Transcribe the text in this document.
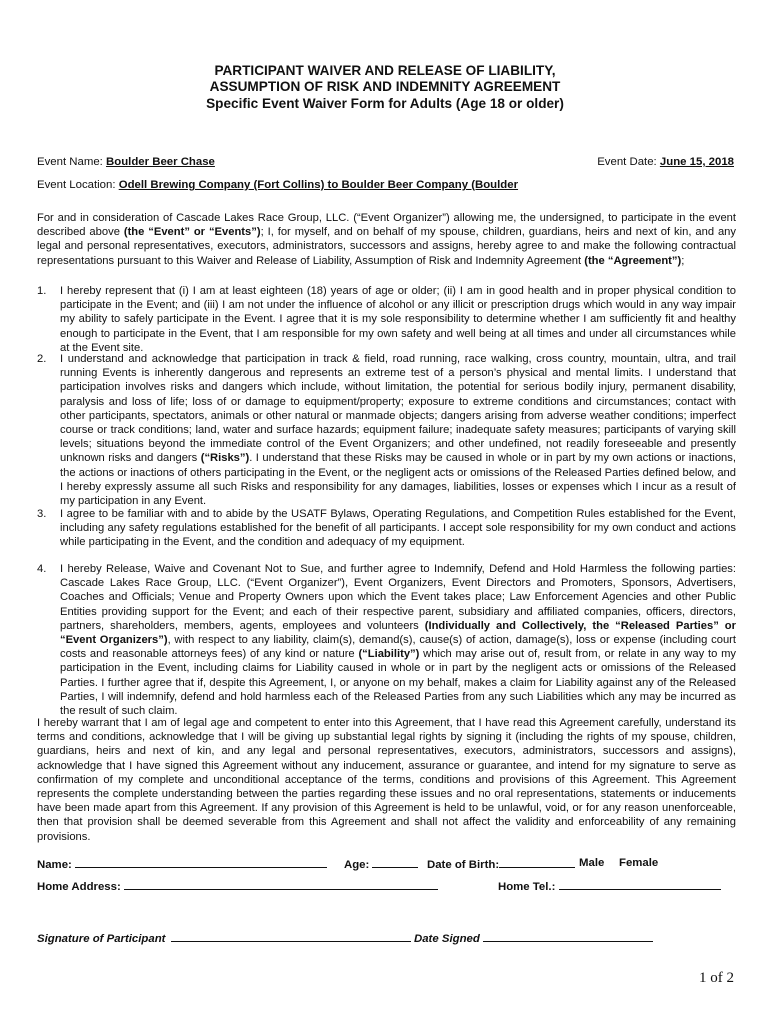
PARTICIPANT WAIVER AND RELEASE OF LIABILITY,
ASSUMPTION OF RISK AND INDEMNITY AGREEMENT
Specific Event Waiver Form for Adults (Age 18 or older)
Event Name: Boulder Beer Chase	Event Date: June 15, 2018
Event Location: Odell Brewing Company (Fort Collins) to Boulder Beer Company (Boulder
For and in consideration of Cascade Lakes Race Group, LLC. (“Event Organizer”) allowing me, the undersigned, to participate in the event described above (the “Event” or “Events”); I, for myself, and on behalf of my spouse, children, guardians, heirs and next of kin, and any legal and personal representatives, executors, administrators, successors and assigns, hereby agree to and make the following contractual representations pursuant to this Waiver and Release of Liability, Assumption of Risk and Indemnity Agreement (the “Agreement”);
1. I hereby represent that (i) I am at least eighteen (18) years of age or older; (ii) I am in good health and in proper physical condition to participate in the Event; and (iii) I am not under the influence of alcohol or any illicit or prescription drugs which would in any way impair my ability to safely participate in the Event. I agree that it is my sole responsibility to determine whether I am sufficiently fit and healthy enough to participate in the Event, that I am responsible for my own safety and well being at all times and under all circumstances while at the Event site.
2. I understand and acknowledge that participation in track & field, road running, race walking, cross country, mountain, ultra, and trail running Events is inherently dangerous and represents an extreme test of a person’s physical and mental limits. I understand that participation involves risks and dangers which include, without limitation, the potential for serious bodily injury, permanent disability, paralysis and loss of life; loss of or damage to equipment/property; exposure to extreme conditions and circumstances; contact with other participants, spectators, animals or other natural or manmade objects; dangers arising from adverse weather conditions; imperfect course or track conditions; land, water and surface hazards; equipment failure; inadequate safety measures; participants of varying skill levels; situations beyond the immediate control of the Event Organizers; and other undefined, not readily foreseeable and presently unknown risks and dangers (“Risks”). I understand that these Risks may be caused in whole or in part by my own actions or inactions, the actions or inactions of others participating in the Event, or the negligent acts or omissions of the Released Parties defined below, and I hereby expressly assume all such Risks and responsibility for any damages, liabilities, losses or expenses which I incur as a result of my participation in any Event.
3. I agree to be familiar with and to abide by the USATF Bylaws, Operating Regulations, and Competition Rules established for the Event, including any safety regulations established for the benefit of all participants. I accept sole responsibility for my own conduct and actions while participating in the Event, and the condition and adequacy of my equipment.
4. I hereby Release, Waive and Covenant Not to Sue, and further agree to Indemnify, Defend and Hold Harmless the following parties: Cascade Lakes Race Group, LLC. (“Event Organizer”), Event Organizers, Event Directors and Promoters, Sponsors, Advertisers, Coaches and Officials; Venue and Property Owners upon which the Event takes place; Law Enforcement Agencies and other Public Entities providing support for the Event; and each of their respective parent, subsidiary and affiliated companies, officers, directors, partners, shareholders, members, agents, employees and volunteers (Individually and Collectively, the “Released Parties” or “Event Organizers”), with respect to any liability, claim(s), demand(s), cause(s) of action, damage(s), loss or expense (including court costs and reasonable attorneys fees) of any kind or nature (“Liability”) which may arise out of, result from, or relate in any way to my participation in the Event, including claims for Liability caused in whole or in part by the negligent acts or omissions of the Released Parties. I further agree that if, despite this Agreement, I, or anyone on my behalf, makes a claim for Liability against any of the Released Parties, I will indemnify, defend and hold harmless each of the Released Parties from any such Liabilities which any may be incurred as the result of such claim.
I hereby warrant that I am of legal age and competent to enter into this Agreement, that I have read this Agreement carefully, understand its terms and conditions, acknowledge that I will be giving up substantial legal rights by signing it (including the rights of my spouse, children, guardians, heirs and next of kin, and any legal and personal representatives, executors, administrators, successors and assigns), acknowledge that I have signed this Agreement without any inducement, assurance or guarantee, and intend for my signature to serve as confirmation of my complete and unconditional acceptance of the terms, conditions and provisions of this Agreement. This Agreement represents the complete understanding between the parties regarding these issues and no oral representations, statements or inducements have been made apart from this Agreement. If any provision of this Agreement is held to be unlawful, void, or for any reason unenforceable, then that provision shall be deemed severable from this Agreement and shall not affect the validity and enforceability of any remaining provisions.
Name:	Age:	Date of Birth:	Male Female
Home Address:	Home Tel.:
Signature of Participant	Date Signed
1 of 2
